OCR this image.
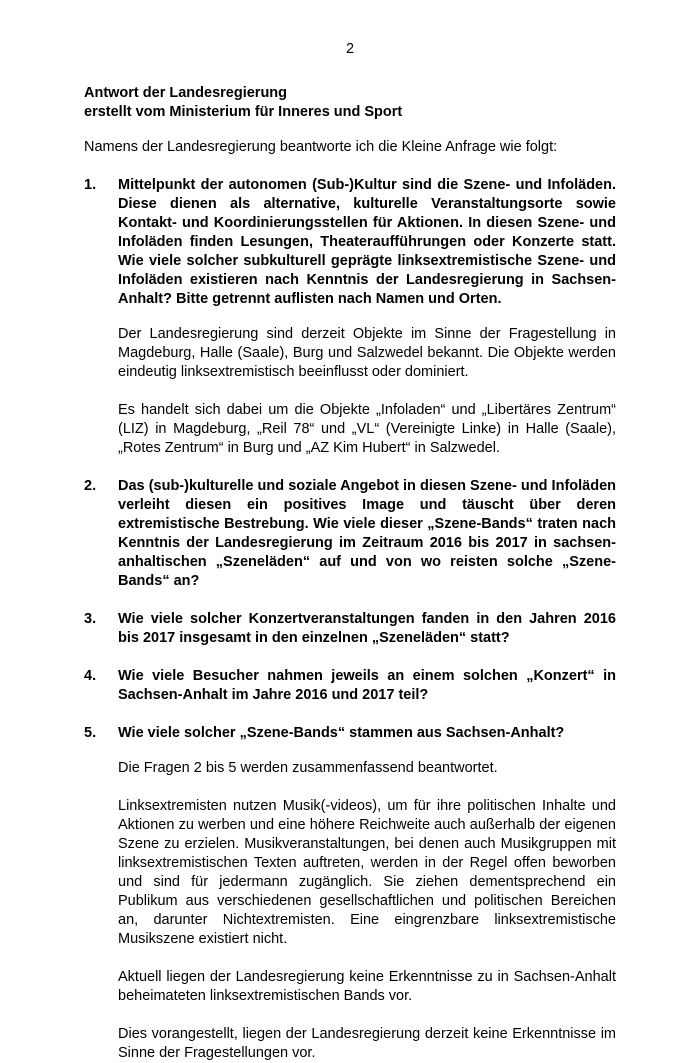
2

Antwort der Landesregierung

erstellt vom Ministerium für Inneres und Sport

Namens der Landesregierung beantworte ich die Kleine Anfrage wie folgt:

1. Mittelpunkt der autonomen (Sub-)Kultur sind die Szene- und Infoläden. Diese dienen als alternative, kulturelle Veranstaltungsorte sowie Kontakt- und Koordinierungsstellen für Aktionen. In diesen Szene- und Infoläden finden Lesungen, Theateraufführungen oder Konzerte statt. Wie viele solcher subkulturell geprägte linksextremistische Szene- und Infoläden existieren nach Kenntnis der Landesregierung in Sachsen-Anhalt? Bitte getrennt auflisten nach Namen und Orten.

Der Landesregierung sind derzeit Objekte im Sinne der Fragestellung in Magdeburg, Halle (Saale), Burg und Salzwedel bekannt. Die Objekte werden eindeutig linksextremistisch beeinflusst oder dominiert.

Es handelt sich dabei um die Objekte „Infoladen“ und „Libertäres Zentrum“ (LIZ) in Magdeburg, „Reil 78“ und „VL“ (Vereinigte Linke) in Halle (Saale), „Rotes Zentrum“ in Burg und „AZ Kim Hubert“ in Salzwedel.

2. Das (sub-)kulturelle und soziale Angebot in diesen Szene- und Infoläden verleiht diesen ein positives Image und täuscht über deren extremistische Bestrebung. Wie viele dieser „Szene-Bands“ traten nach Kenntnis der Landesregierung im Zeitraum 2016 bis 2017 in sachsen-anhaltischen „Szeneläden“ auf und von wo reisten solche „Szene-Bands“ an?
3. Wie viele solcher Konzertveranstaltungen fanden in den Jahren 2016 bis 2017 insgesamt in den einzelnen „Szeneläden“ statt?
4. Wie viele Besucher nahmen jeweils an einem solchen „Konzert“ in Sachsen-Anhalt im Jahre 2016 und 2017 teil?
5. Wie viele solcher „Szene-Bands“ stammen aus Sachsen-Anhalt?

Die Fragen 2 bis 5 werden zusammenfassend beantwortet.

Linksextremisten nutzen Musik(-videos), um für ihre politischen Inhalte und Aktionen zu werben und eine höhere Reichweite auch außerhalb der eigenen Szene zu erzielen. Musikveranstaltungen, bei denen auch Musikgruppen mit linksextremistischen Texten auftreten, werden in der Regel offen beworben und sind für jedermann zugänglich. Sie ziehen dementsprechend ein Publikum aus verschiedenen gesellschaftlichen und politischen Bereichen an, darunter Nichtextremisten. Eine eingrenzbare linksextremistische Musikszene existiert nicht.

Aktuell liegen der Landesregierung keine Erkenntnisse zu in Sachsen-Anhalt beheimateten linksextremistischen Bands vor.

Dies vorangestellt, liegen der Landesregierung derzeit keine Erkenntnisse im Sinne der Fragestellungen vor.
